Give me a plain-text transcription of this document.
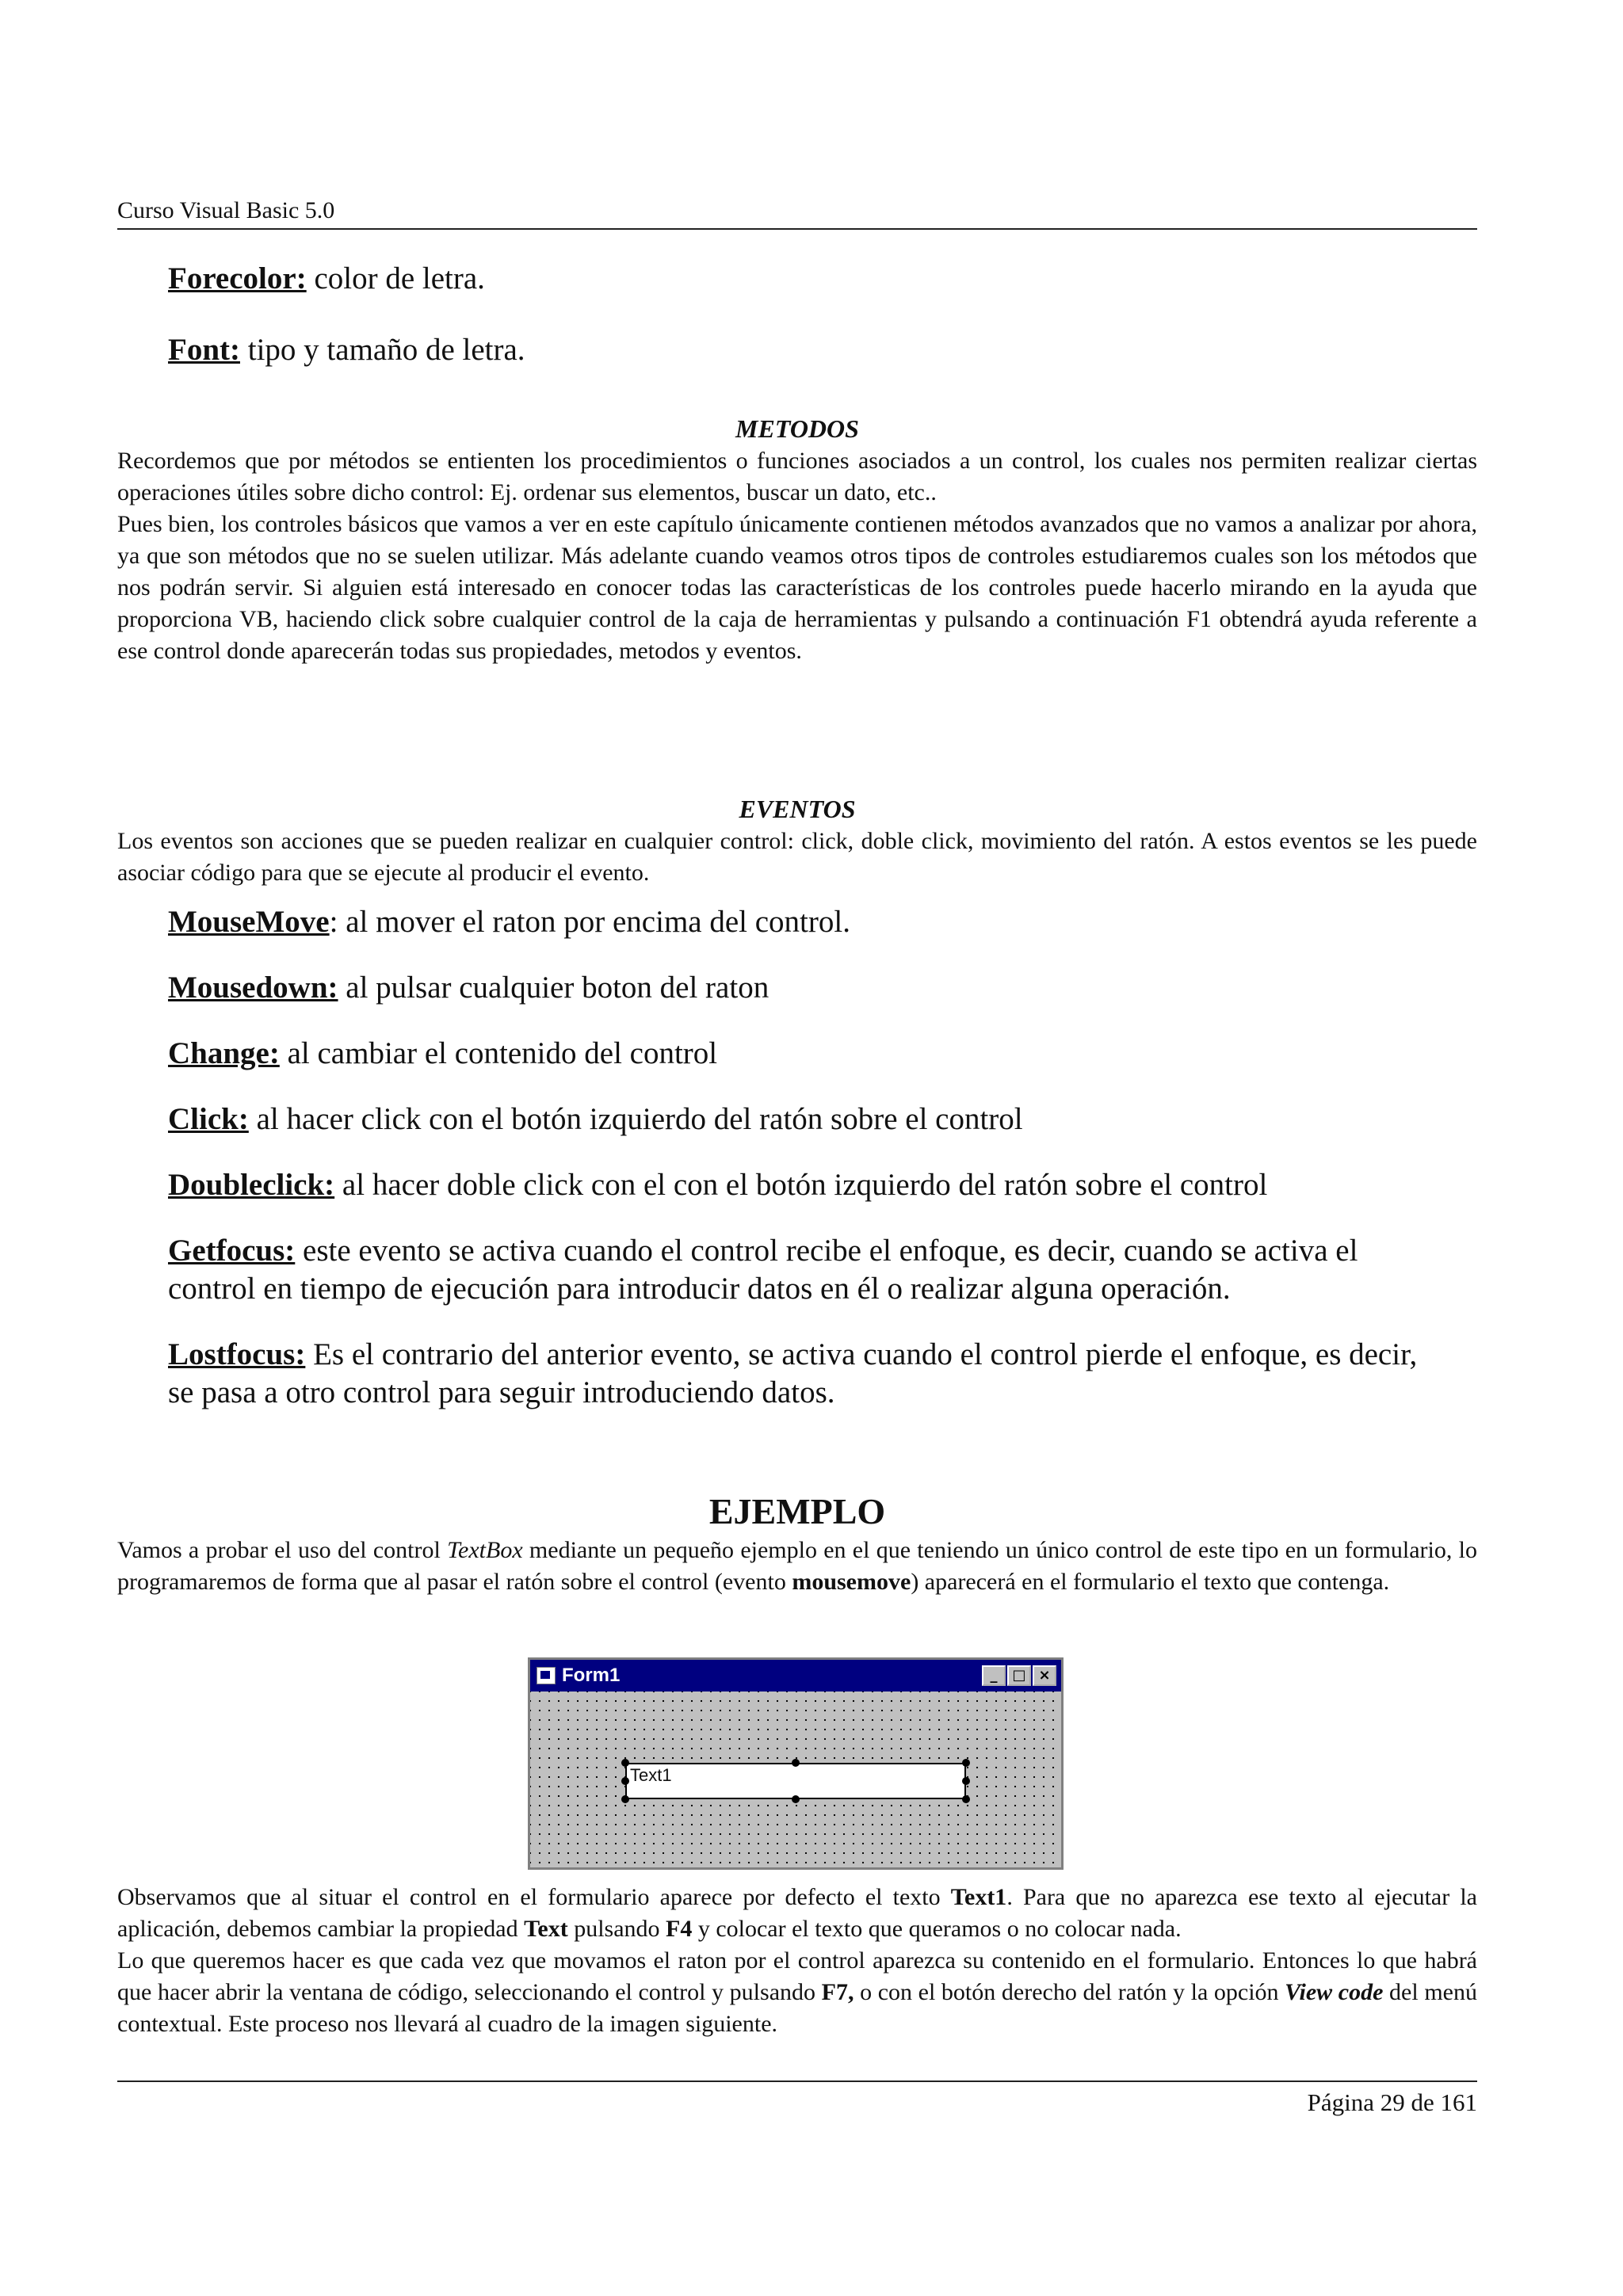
Curso Visual Basic 5.0
Forecolor: color de letra.
Font: tipo y tamaño de letra.
METODOS

Recordemos que por métodos se entienten los procedimientos o funciones asociados a un control, los cuales nos permiten realizar ciertas operaciones útiles sobre dicho control: Ej. ordenar sus elementos, buscar un dato, etc..

Pues bien, los controles básicos que vamos a ver en este capítulo únicamente contienen métodos avanzados que no vamos a analizar por ahora, ya que son métodos que no se suelen utilizar. Más adelante cuando veamos otros tipos de controles estudiaremos cuales son los métodos que nos podrán servir. Si alguien está interesado en conocer todas las características de los controles puede hacerlo mirando en la ayuda que proporciona VB, haciendo click sobre cualquier control de la caja de herramientas y pulsando a continuación F1 obtendrá ayuda referente a ese control donde aparecerán todas sus propiedades, metodos y eventos.

EVENTOS
Los eventos son acciones que se pueden realizar en cualquier control: click, doble click, movimiento del ratón. A estos eventos se les puede asociar código para que se ejecute al producir el evento.
MouseMove: al mover el raton por encima del control.
Mousedown: al pulsar cualquier boton del raton
Change: al cambiar el contenido del control
Click: al hacer click con el botón izquierdo del ratón sobre el control
Doubleclick: al hacer doble click con el con el botón izquierdo del ratón sobre el control
Getfocus: este evento se activa cuando el control recibe el enfoque, es decir, cuando se activa el control en tiempo de ejecución para introducir datos en él o realizar alguna operación.
Lostfocus: Es el contrario del anterior evento, se activa cuando el control pierde el enfoque, es decir, se pasa a otro control para seguir introduciendo datos.
EJEMPLO
Vamos a probar el uso del control TextBox mediante un pequeño ejemplo en el que teniendo un único control de este tipo en un formulario, lo programaremos de forma que al pasar el ratón sobre el control (evento mousemove) aparecerá en el formulario el texto que contenga.
Form1	_	□ ×
Text1

Observamos que al situar el control en el formulario aparece por defecto el texto Text1. Para que no aparezca ese texto al ejecutar la aplicación, debemos cambiar la propiedad Text pulsando F4 y colocar el texto que queramos o no colocar nada.

Lo que queremos hacer es que cada vez que movamos el raton por el control aparezca su contenido en el formulario. Entonces lo que habrá que hacer abrir la ventana de código, seleccionando el control y pulsando F7, o con el botón derecho del ratón y la opción View code del menú contextual. Este proceso nos llevará al cuadro de la imagen siguiente.

Página 29 de 161
